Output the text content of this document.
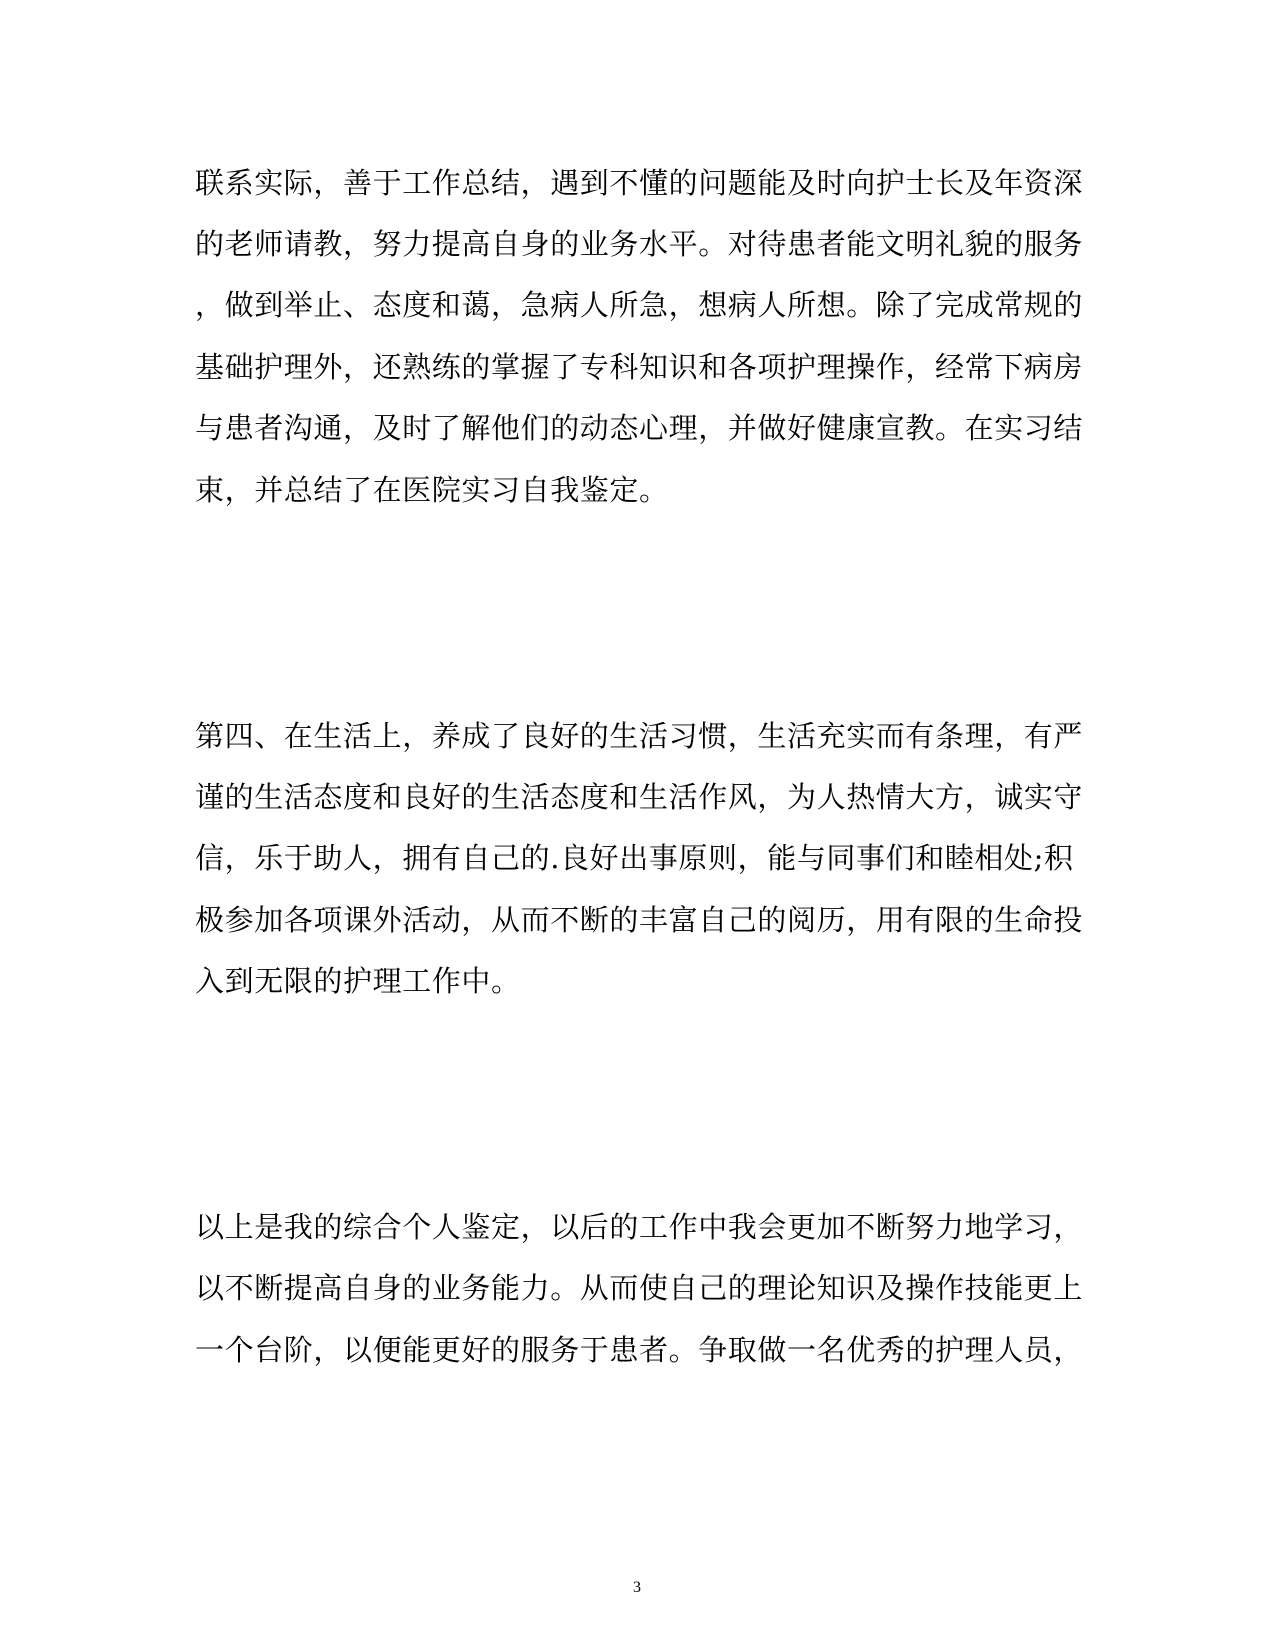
联系实际，善于工作总结，遇到不懂的问题能及时向护士长及年资深
的老师请教，努力提高自身的业务水平。对待患者能文明礼貌的服务
，做到举止、态度和蔼，急病人所急，想病人所想。除了完成常规的
基础护理外，还熟练的掌握了专科知识和各项护理操作，经常下病房
与患者沟通，及时了解他们的动态心理，并做好健康宣教。在实习结
束，并总结了在医院实习自我鉴定。
第四、在生活上，养成了良好的生活习惯，生活充实而有条理，有严
谨的生活态度和良好的生活态度和生活作风，为人热情大方，诚实守
信，乐于助人，拥有自己的.良好出事原则，能与同事们和睦相处;积
极参加各项课外活动，从而不断的丰富自己的阅历，用有限的生命投
入到无限的护理工作中。
以上是我的综合个人鉴定，以后的工作中我会更加不断努力地学习，
以不断提高自身的业务能力。从而使自己的理论知识及操作技能更上
一个台阶，以便能更好的服务于患者。争取做一名优秀的护理人员，
3
